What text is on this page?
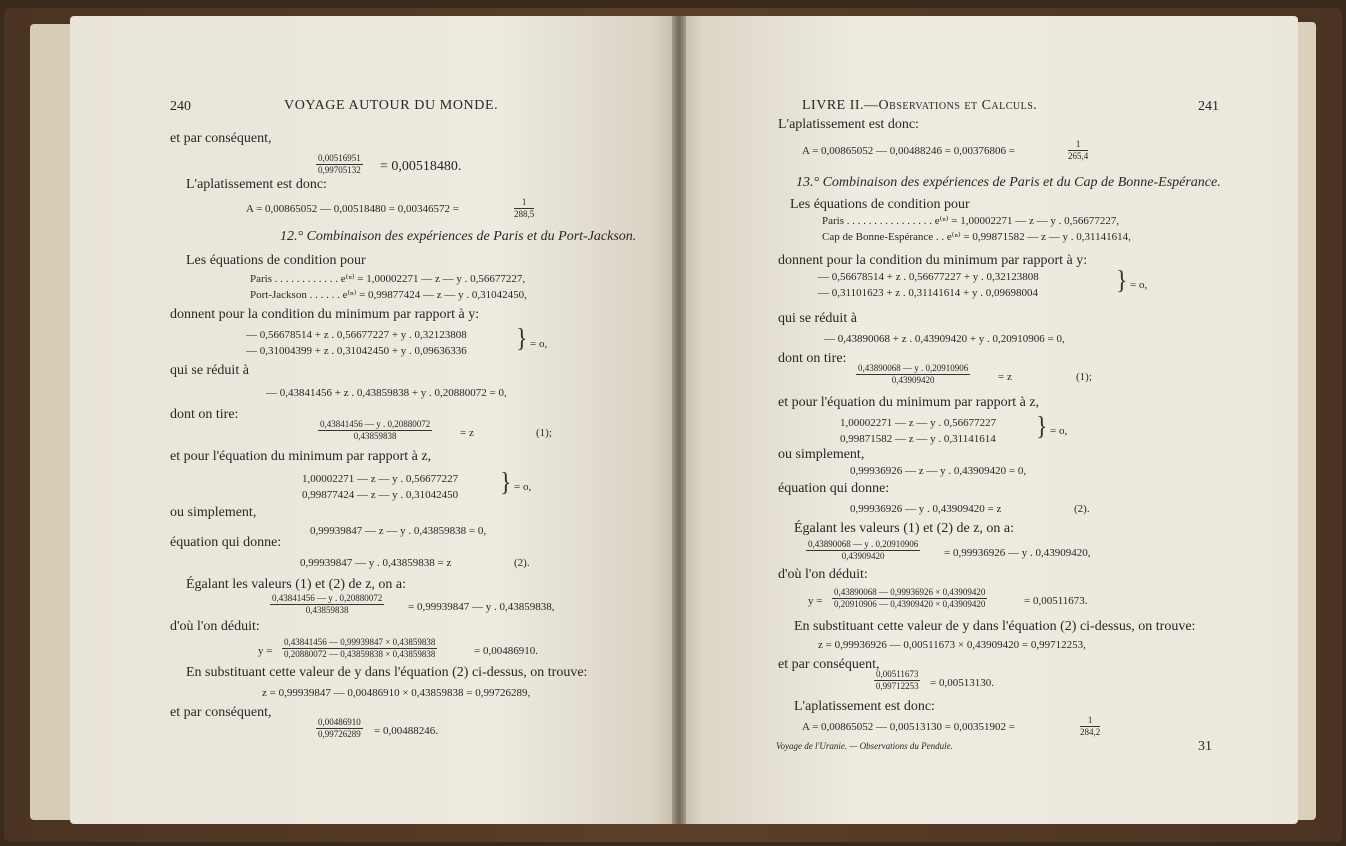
240	VOYAGE AUTOUR DU MONDE.
et par conséquent,
$\frac{0,00516951}{0,99705132} = 0,00518480$.
L'aplatissement est donc:
A = 0,00865052 — 0,00518480 = 0,00346572 =	$\frac{1}{288,5}$
12.° Combinaison des expériences de Paris et du Port-Jackson.
Les équations de condition pour
Paris . . . . . . . . . . . . e⁽ⁿ⁾ = 1,00002271 — z — y . 0,56677227,
Port-Jackson . . . . . . e⁽ⁿ⁾ = 0,99877424 — z — y . 0,31042450,
donnent pour la condition du minimum par rapport à y:
— 0,56678514 + z . 0,56677227 + y . 0,32123808
— 0,31004399 + z . 0,31042450 + y . 0,09636336 } = o,
qui se réduit à
— 0,43841456 + z . 0,43859838 + y . 0,20880072 = 0,
dont on tire:
$\frac{0,43841456 — y . 0,20880072}{0,43859838}$	= z	(1);
et pour l'équation du minimum par rapport à z,
1,00002271 — z — y . 0,56677227
0,99877424 — z — y . 0,31042450 } = o,
ou simplement,
0,99939847 — z — y . 0,43859838 = 0,
équation qui donne:
0,99939847 — y . 0,43859838 = z	(2).
Égalant les valeurs (1) et (2) de z, on a:
$\frac{0,43841456 — y . 0,20880072}{0,43859838} = 0,99939847$ — y . 0,43859838,
d'où l'on déduit:
$y = \frac{0,43841456 — 0,99939847 \times 0,43859838}{0,20880072 — 0,43859838 \times 0,43859838}$	= 0,00486910.
En substituant cette valeur de y dans l'équation (2) ci-dessus, on trouve:
z = 0,99939847 — 0,00486910 × 0,43859838 = 0,99726289,
et par conséquent,
$\frac{0,00486910}{0,99726289} = 0,00488246$.
LIVRE II.—Observations et Calculs.	241
L'aplatissement est donc:
A = 0,00865052 — 0,00488246 = 0,00376806 =	$\frac{1}{265,4}$
13.° Combinaison des expériences de Paris et du Cap de Bonne-Espérance.
Les équations de condition pour
Paris . . . . . . . . . . . . . . . . e⁽ⁿ⁾ = 1,00002271 — z — y . 0,56677227,
Cap de Bonne-Espérance . . e⁽ⁿ⁾ = 0,99871582 — z — y . 0,31141614,
donnent pour la condition du minimum par rapport à y:
— 0,56678514 + z . 0,56677227 + y . 0,32123808
— 0,31101623 + z . 0,31141614 + y . 0,09698004	} = o,
qui se réduit à
— 0,43890068 + z . 0,43909420 + y . 0,20910906 = 0,
dont on tire:
$\frac{0,43890068 — y . 0,20910906}{0,43909420}$	= z	(1);
et pour l'équation du minimum par rapport à z,
1,00002271 — z — y . 0,56677227
0,99871582 — z — y . 0,31141614 } = o,
ou simplement,
0,99936926 — z — y . 0,43909420 = 0,
équation qui donne:
0,99936926 — y . 0,43909420 = z	(2).
Égalant les valeurs (1) et (2) de z, on a:
$\frac{0,43890068 — y . 0,20910906}{0,43909420} = 0,99936926$ — y . 0,43909420,
d'où l'on déduit:
$y = \frac{0,43890068 — 0,99936926 \times 0,43909420}{0,20910906 — 0,43909420 \times 0,43909420}$	= 0,00511673.
En substituant cette valeur de y dans l'équation (2) ci-dessus, on trouve:
z = 0,99936926 — 0,00511673 × 0,43909420 = 0,99712253,
et par conséquent,
$\frac{0,00511673}{0,99712253} = 0,00513130$.
L'aplatissement est donc:
A = 0,00865052 — 0,00513130 = 0,00351902 =	$\frac{1}{284,2}$
Voyage de l'Uranie. — Observations du Pendule.	31
